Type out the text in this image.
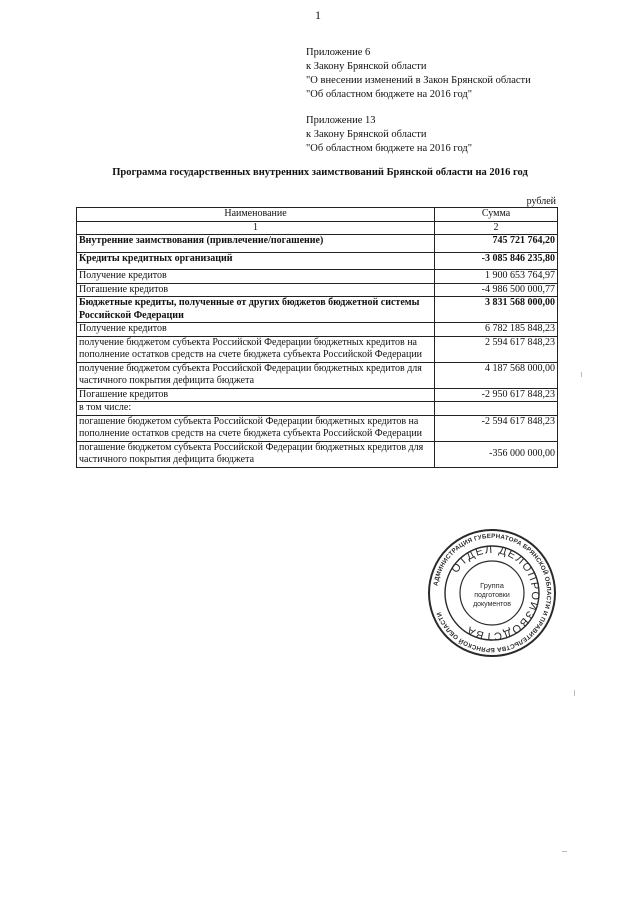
1
Приложение 6
к Закону Брянской области
"О внесении изменений в Закон Брянской области
"Об областном бюджете на 2016 год"
Приложение 13
к Закону Брянской области
"Об областном бюджете на 2016 год"
Программа государственных внутренних заимствований Брянской области на 2016 год
рублей
Наименование	Сумма
1	2
Внутренние заимствования (привлечение/погашение)	745 721 764,20
Кредиты кредитных организаций	-3 085 846 235,80
Получение кредитов	1 900 653 764,97
Погашение кредитов	-4 986 500 000,77
Бюджетные кредиты, полученные от других бюджетов бюджетной системы Российской Федерации	3 831 568 000,00
Получение кредитов	6 782 185 848,23
получение бюджетом субъекта Российской Федерации бюджетных кредитов на пополнение остатков средств на счете бюджета субъекта Российской Федерации	2 594 617 848,23
получение бюджетом субъекта Российской Федерации бюджетных кредитов для частичного покрытия дефицита бюджета	4 187 568 000,00
Погашение кредитов	-2 950 617 848,23
в том числе:	
погашение бюджетом субъекта Российской Федерации бюджетных кредитов на пополнение остатков средств на счете бюджета субъекта Российской Федерации	-2 594 617 848,23
погашение бюджетом субъекта Российской Федерации бюджетных кредитов для частичного покрытия дефицита бюджета	-356 000 000,00
АДМИНИСТРАЦИЯ ГУБЕРНАТОРА БРЯНСКОЙ ОБЛАСТИ И ПРАВИТЕЛЬСТВА БРЯНСКОЙ ОБЛАСТИ
ОТДЕЛ ДЕЛОПРОИЗВОДСТВА
Группа
подготовки
документов
